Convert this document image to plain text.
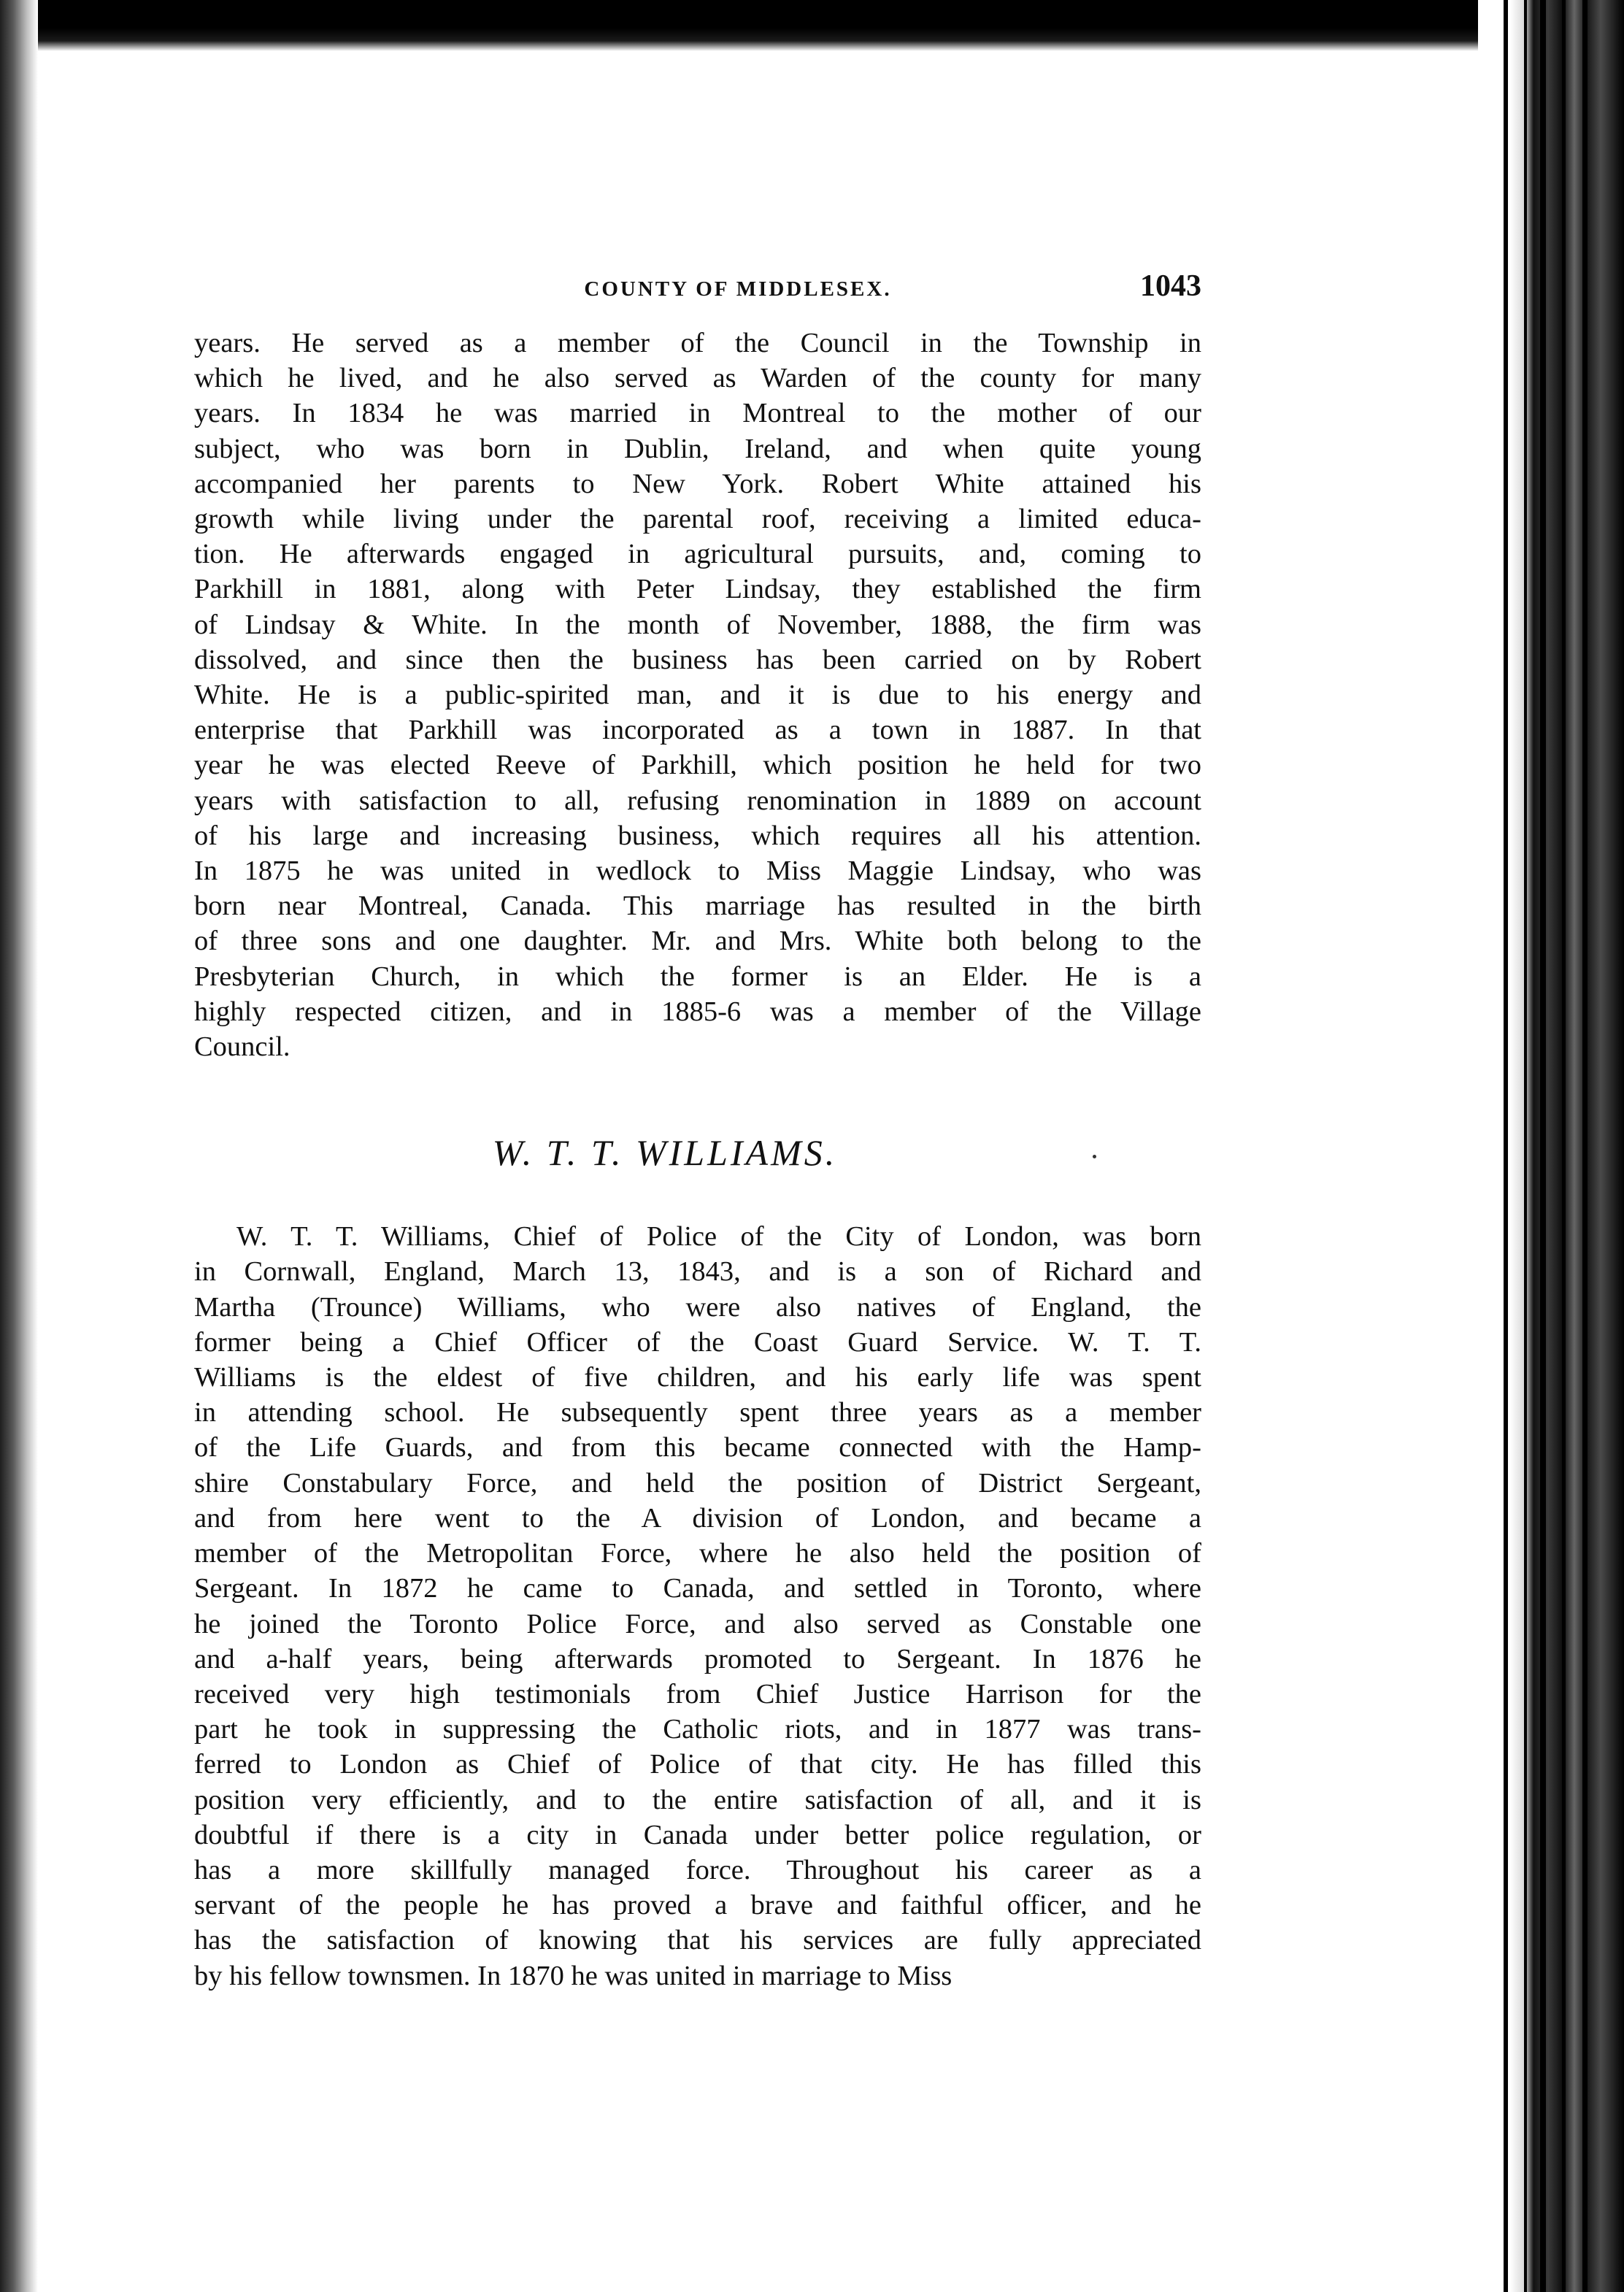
COUNTY OF MIDDLESEX.	1043

years. He served as a member of the Council in the Township in
which he lived, and he also served as Warden of the county for many
years. In 1834 he was married in Montreal to the mother of our
subject, who was born in Dublin, Ireland, and when quite young
accompanied her parents to New York. Robert White attained his
growth while living under the parental roof, receiving a limited educa-
tion. He afterwards engaged in agricultural pursuits, and, coming to
Parkhill in 1881, along with Peter Lindsay, they established the firm
of Lindsay & White. In the month of November, 1888, the firm was
dissolved, and since then the business has been carried on by Robert
White. He is a public-spirited man, and it is due to his energy and
enterprise that Parkhill was incorporated as a town in 1887. In that
year he was elected Reeve of Parkhill, which position he held for two
years with satisfaction to all, refusing renomination in 1889 on account
of his large and increasing business, which requires all his attention.
In 1875 he was united in wedlock to Miss Maggie Lindsay, who was
born near Montreal, Canada. This marriage has resulted in the birth
of three sons and one daughter. Mr. and Mrs. White both belong to the
Presbyterian Church, in which the former is an Elder. He is a
highly respected citizen, and in 1885-6 was a member of the Village
Council.

W. T. T. WILLIAMS.

W. T. T. Williams, Chief of Police of the City of London, was born
in Cornwall, England, March 13, 1843, and is a son of Richard and
Martha (Trounce) Williams, who were also natives of England, the
former being a Chief Officer of the Coast Guard Service. W. T. T.
Williams is the eldest of five children, and his early life was spent
in attending school. He subsequently spent three years as a member
of the Life Guards, and from this became connected with the Hamp-
shire Constabulary Force, and held the position of District Sergeant,
and from here went to the A division of London, and became a
member of the Metropolitan Force, where he also held the position of
Sergeant. In 1872 he came to Canada, and settled in Toronto, where
he joined the Toronto Police Force, and also served as Constable one
and a-half years, being afterwards promoted to Sergeant. In 1876 he
received very high testimonials from Chief Justice Harrison for the
part he took in suppressing the Catholic riots, and in 1877 was trans-
ferred to London as Chief of Police of that city. He has filled this
position very efficiently, and to the entire satisfaction of all, and it is
doubtful if there is a city in Canada under better police regulation, or
has a more skillfully managed force. Throughout his career as a
servant of the people he has proved a brave and faithful officer, and he
has the satisfaction of knowing that his services are fully appreciated
by his fellow townsmen. In 1870 he was united in marriage to Miss
